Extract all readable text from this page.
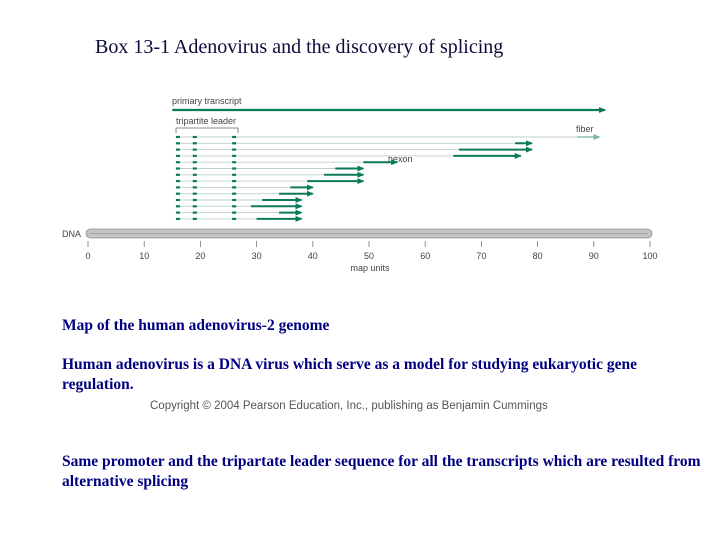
Box 13-1 Adenovirus and the discovery of splicing
primary transcript
tripartite leader
fiber
hexon
DNA
0	10	20	30	40	50	60	70	80	90	100
map units
Map of the human adenovirus-2 genome
Human adenovirus is a DNA virus which serve as a model for studying eukaryotic gene regulation.
Copyright © 2004 Pearson Education, Inc., publishing as Benjamin Cummings
Same promoter and the tripartate leader sequence for all the transcripts which are resulted from alternative splicing
